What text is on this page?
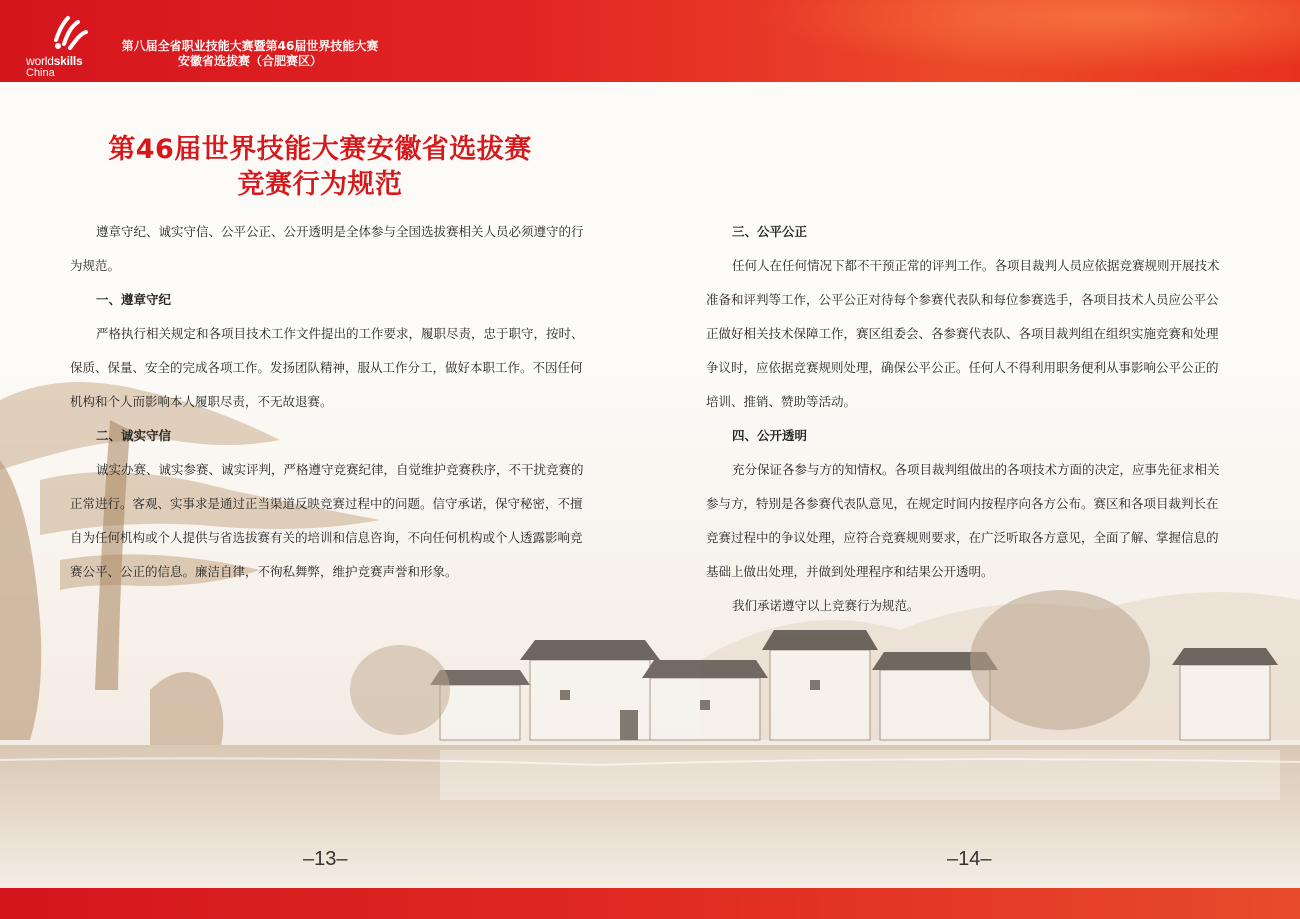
worldskills
China
第八届全省职业技能大赛暨第46届世界技能大赛
安徽省选拔赛（合肥赛区）
第46届世界技能大赛安徽省选拔赛
竞赛行为规范

遵章守纪、诚实守信、公平公正、公开透明是全体参与全国选拔赛相关人员必须遵守的行为规范。

一、遵章守纪

严格执行相关规定和各项目技术工作文件提出的工作要求，履职尽责，忠于职守，按时、保质、保量、安全的完成各项工作。发扬团队精神，服从工作分工，做好本职工作。不因任何机构和个人而影响本人履职尽责，不无故退赛。

二、诚实守信

诚实办赛、诚实参赛、诚实评判，严格遵守竞赛纪律，自觉维护竞赛秩序，不干扰竞赛的正常进行。客观、实事求是通过正当渠道反映竞赛过程中的问题。信守承诺，保守秘密，不擅自为任何机构或个人提供与省选拔赛有关的培训和信息咨询，不向任何机构或个人透露影响竞赛公平、公正的信息。廉洁自律，不徇私舞弊，维护竞赛声誉和形象。

三、公平公正

任何人在任何情况下都不干预正常的评判工作。各项目裁判人员应依据竞赛规则开展技术准备和评判等工作，公平公正对待每个参赛代表队和每位参赛选手，各项目技术人员应公平公正做好相关技术保障工作，赛区组委会、各参赛代表队、各项目裁判组在组织实施竞赛和处理争议时，应依据竞赛规则处理，确保公平公正。任何人不得利用职务便利从事影响公平公正的培训、推销、赞助等活动。

四、公开透明

充分保证各参与方的知情权。各项目裁判组做出的各项技术方面的决定，应事先征求相关参与方，特别是各参赛代表队意见，在规定时间内按程序向各方公布。赛区和各项目裁判长在竞赛过程中的争议处理，应符合竞赛规则要求，在广泛听取各方意见，全面了解、掌握信息的基础上做出处理，并做到处理程序和结果公开透明。

我们承诺遵守以上竞赛行为规范。

–13–	–14–
